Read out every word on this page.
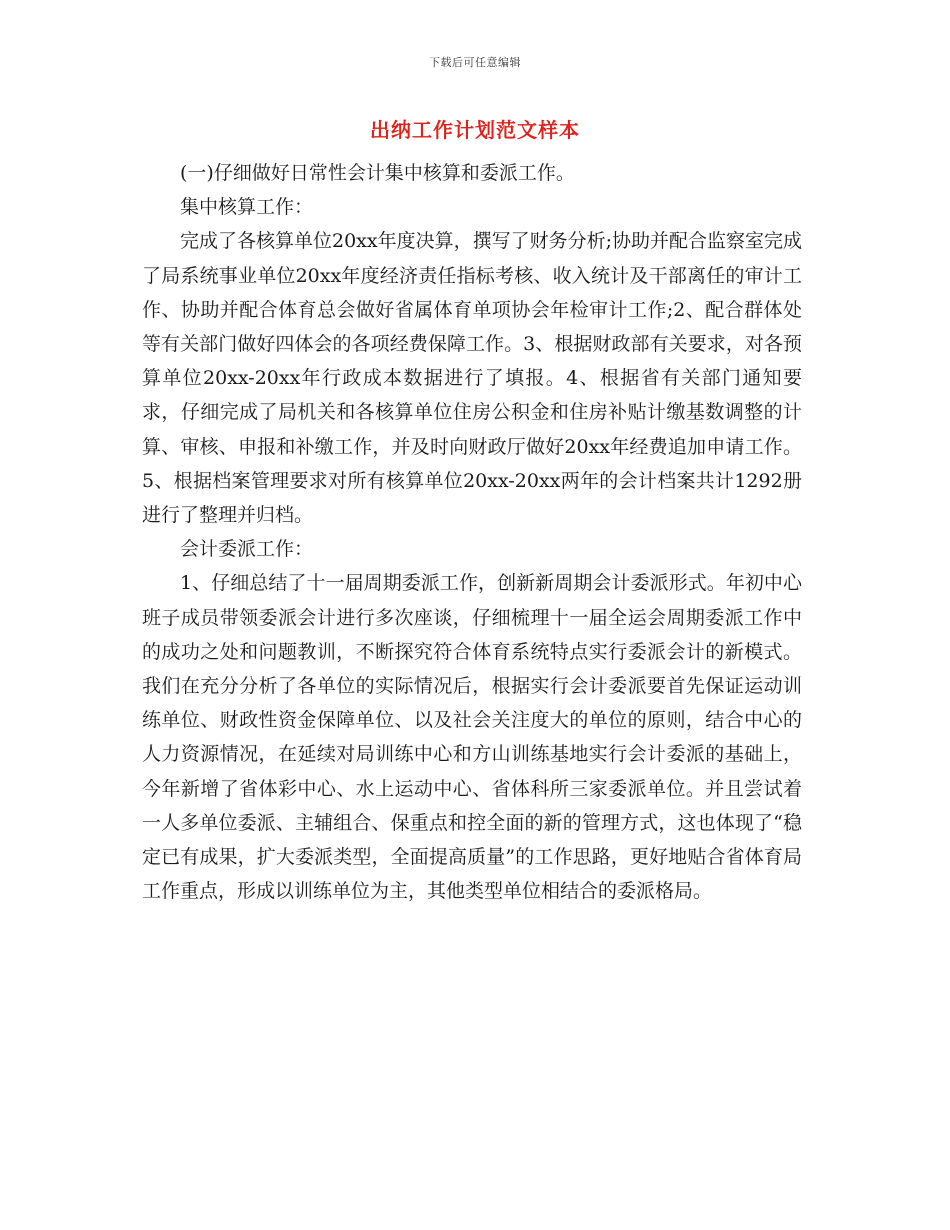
下载后可任意编辑
出纳工作计划范文样本

(一)仔细做好日常性会计集中核算和委派工作。

集中核算工作：

完成了各核算单位20xx年度决算，撰写了财务分析;协助并配合监察室完成了局系统事业单位20xx年度经济责任指标考核、收入统计及干部离任的审计工作、协助并配合体育总会做好省属体育单项协会年检审计工作;2、配合群体处等有关部门做好四体会的各项经费保障工作。3、根据财政部有关要求，对各预算单位20xx-20xx年行政成本数据进行了填报。4、根据省有关部门通知要求，仔细完成了局机关和各核算单位住房公积金和住房补贴计缴基数调整的计算、审核、申报和补缴工作，并及时向财政厅做好20xx年经费追加申请工作。5、根据档案管理要求对所有核算单位20xx-20xx两年的会计档案共计1292册进行了整理并归档。

会计委派工作：

1、仔细总结了十一届周期委派工作，创新新周期会计委派形式。年初中心班子成员带领委派会计进行多次座谈，仔细梳理十一届全运会周期委派工作中的成功之处和问题教训，不断探究符合体育系统特点实行委派会计的新模式。我们在充分分析了各单位的实际情况后，根据实行会计委派要首先保证运动训练单位、财政性资金保障单位、以及社会关注度大的单位的原则，结合中心的人力资源情况，在延续对局训练中心和方山训练基地实行会计委派的基础上，今年新增了省体彩中心、水上运动中心、省体科所三家委派单位。并且尝试着一人多单位委派、主辅组合、保重点和控全面的新的管理方式，这也体现了“稳定已有成果，扩大委派类型，全面提高质量”的工作思路，更好地贴合省体育局工作重点，形成以训练单位为主，其他类型单位相结合的委派格局。
